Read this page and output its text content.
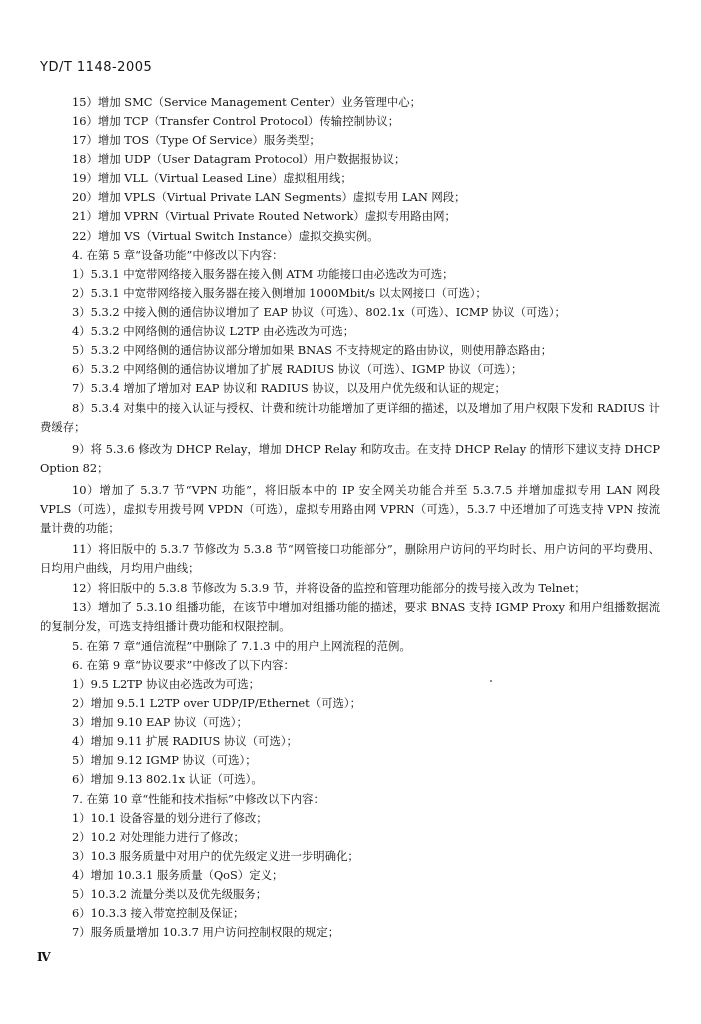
YD/T 1148-2005
15）增加 SMC（Service Management Center）业务管理中心；
16）增加 TCP（Transfer Control Protocol）传输控制协议；
17）增加 TOS（Type Of Service）服务类型；
18）增加 UDP（User Datagram Protocol）用户数据报协议；
19）增加 VLL（Virtual Leased Line）虚拟租用线；
20）增加 VPLS（Virtual Private LAN Segments）虚拟专用 LAN 网段；
21）增加 VPRN（Virtual Private Routed Network）虚拟专用路由网；
22）增加 VS（Virtual Switch Instance）虚拟交换实例。
4. 在第 5 章“设备功能”中修改以下内容：
1）5.3.1 中宽带网络接入服务器在接入侧 ATM 功能接口由必选改为可选；
2）5.3.1 中宽带网络接入服务器在接入侧增加 1000Mbit/s 以太网接口（可选）；
3）5.3.2 中接入侧的通信协议增加了 EAP 协议（可选）、802.1x（可选）、ICMP 协议（可选）；
4）5.3.2 中网络侧的通信协议 L2TP 由必选改为可选；
5）5.3.2 中网络侧的通信协议部分增加如果 BNAS 不支持规定的路由协议，则使用静态路由；
6）5.3.2 中网络侧的通信协议增加了扩展 RADIUS 协议（可选）、IGMP 协议（可选）；
7）5.3.4 增加了增加对 EAP 协议和 RADIUS 协议，以及用户优先级和认证的规定；
8）5.3.4 对集中的接入认证与授权、计费和统计功能增加了更详细的描述，以及增加了用户权限下发和 RADIUS 计费缓存；
9）将 5.3.6 修改为 DHCP Relay，增加 DHCP Relay 和防攻击。在支持 DHCP Relay 的情形下建议支持 DHCP Option 82；
10）增加了 5.3.7 节“VPN 功能”，将旧版本中的 IP 安全网关功能合并至 5.3.7.5 并增加虚拟专用 LAN 网段 VPLS（可选），虚拟专用拨号网 VPDN（可选），虚拟专用路由网 VPRN（可选），5.3.7 中还增加了可选支持 VPN 按流量计费的功能；
11）将旧版中的 5.3.7 节修改为 5.3.8 节“网管接口功能部分”，删除用户访问的平均时长、用户访问的平均费用、日均用户曲线，月均用户曲线；
12）将旧版中的 5.3.8 节修改为 5.3.9 节，并将设备的监控和管理功能部分的拨号接入改为 Telnet；
13）增加了 5.3.10 组播功能，在该节中增加对组播功能的描述，要求 BNAS 支持 IGMP Proxy 和用户组播数据流的复制分发，可选支持组播计费功能和权限控制。
5. 在第 7 章“通信流程”中删除了 7.1.3 中的用户上网流程的范例。
6. 在第 9 章“协议要求”中修改了以下内容：
1）9.5 L2TP 协议由必选改为可选；
2）增加 9.5.1 L2TP over UDP/IP/Ethernet（可选）；
3）增加 9.10 EAP 协议（可选）；
4）增加 9.11 扩展 RADIUS 协议（可选）；
5）增加 9.12 IGMP 协议（可选）；
6）增加 9.13 802.1x 认证（可选）。
7. 在第 10 章“性能和技术指标”中修改以下内容：
1）10.1 设备容量的划分进行了修改；
2）10.2 对处理能力进行了修改；
3）10.3 服务质量中对用户的优先级定义进一步明确化；
4）增加 10.3.1 服务质量（QoS）定义；
5）10.3.2 流量分类以及优先级服务；
6）10.3.3 接入带宽控制及保证；
7）服务质量增加 10.3.7 用户访问控制权限的规定；
Ⅳ
